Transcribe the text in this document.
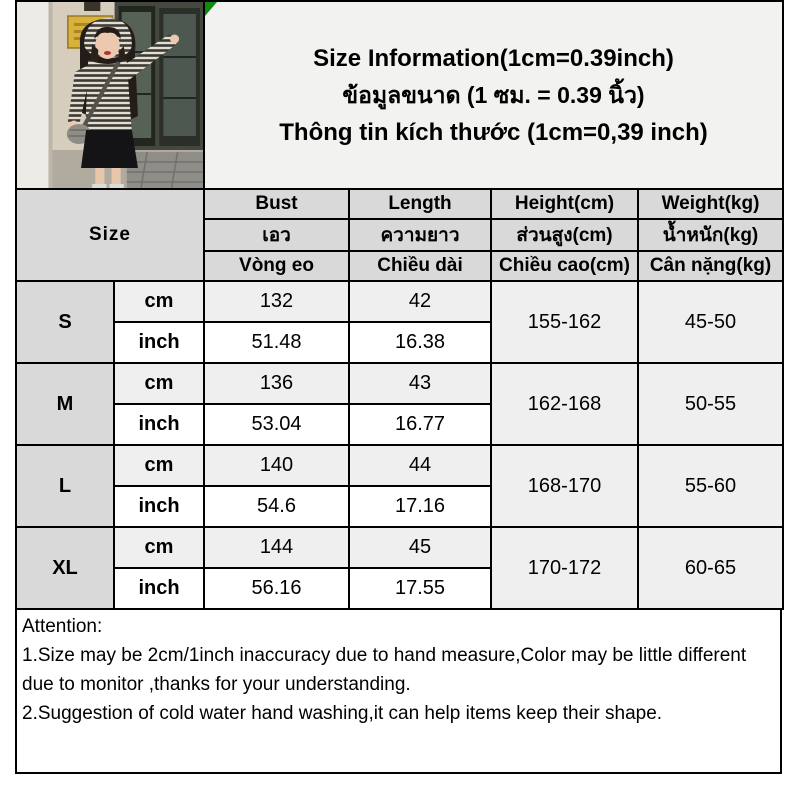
Size Information(1cm=0.39inch)
ข้อมูลขนาด (1 ซม. = 0.39 นิ้ว)
Thông tin kích thước (1cm=0,39 inch)			

Size		Bust	Length	Height(cm)	Weight(kg)
		เอว	ความยาว	ส่วนสูง(cm)	น้ำหนัก(kg)
		Vòng eo	Chiều dài	Chiều cao(cm)	Cân nặng(kg)
S	cm	132	42	155-162	45-50
	inch	51.48	16.38		
M	cm	136	43	162-168	50-55
	inch	53.04	16.77		
L	cm	140	44	168-170	55-60
	inch	54.6	17.16		
XL	cm	144	45	170-172	60-65
	inch	56.16	17.55		
Attention:
1.Size may be 2cm/1inch inaccuracy due to hand measure,Color may be little different due to monitor ,thanks for your understanding.
2.Suggestion of cold water hand washing,it can help items keep their shape.
